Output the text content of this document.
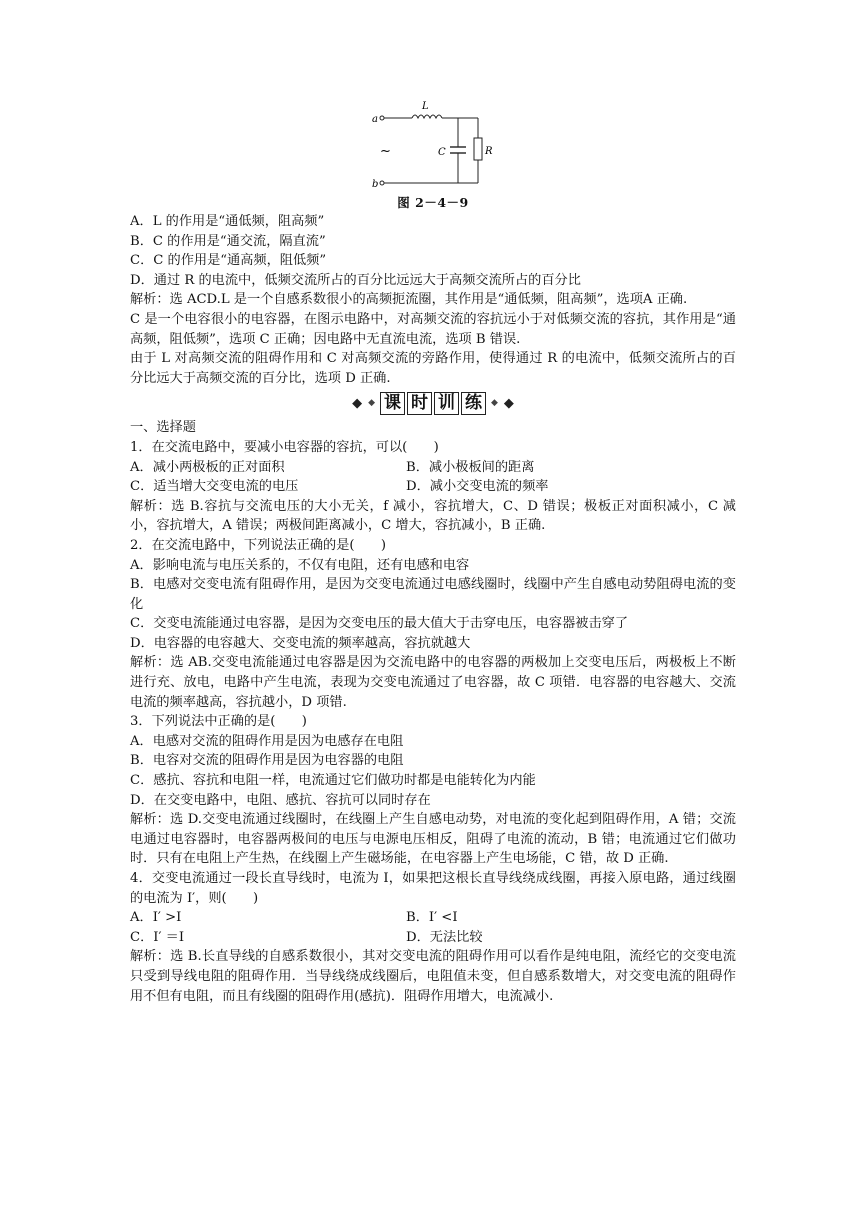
a
b
L
C	R
~
图 2－4－9
A．L 的作用是“通低频，阻高频”
B．C 的作用是“通交流，隔直流”
C．C 的作用是“通高频，阻低频”
D．通过 R 的电流中，低频交流所占的百分比远远大于高频交流所占的百分比
解析：选 ACD.L 是一个自感系数很小的高频扼流圈，其作用是“通低频，阻高频”，选项A 正确.
C 是一个电容很小的电容器，在图示电路中，对高频交流的容抗远小于对低频交流的容抗，其作用是“通高频，阻低频”，选项 C 正确；因电路中无直流电流，选项 B 错误.
由于 L 对高频交流的阻碍作用和 C 对高频交流的旁路作用，使得通过 R 的电流中，低频交流所占的百分比远大于高频交流的百分比，选项 D 正确.
◆ ◆ 课 时 训 练	◆ ◆
一、选择题
1．在交流电路中，要减小电容器的容抗，可以(　　)
A．减小两极板的正对面积	B．减小极板间的距离
C．适当增大交变电流的电压	D．减小交变电流的频率
解析：选 B.容抗与交流电压的大小无关，f 减小，容抗增大，C、D 错误；极板正对面积减小，C 减小，容抗增大，A 错误；两极间距离减小，C 增大，容抗减小，B 正确.
2．在交流电路中，下列说法正确的是(　　)
A．影响电流与电压关系的，不仅有电阻，还有电感和电容
B．电感对交变电流有阻碍作用，是因为交变电流通过电感线圈时，线圈中产生自感电动势阻碍电流的变化
C．交变电流能通过电容器，是因为交变电压的最大值大于击穿电压，电容器被击穿了
D．电容器的电容越大、交变电流的频率越高，容抗就越大
解析：选 AB.交变电流能通过电容器是因为交流电路中的电容器的两极加上交变电压后，两极板上不断进行充、放电，电路中产生电流，表现为交变电流通过了电容器，故 C 项错．电容器的电容越大、交流电流的频率越高，容抗越小，D 项错.
3．下列说法中正确的是(　　)
A．电感对交流的阻碍作用是因为电感存在电阻
B．电容对交流的阻碍作用是因为电容器的电阻
C．感抗、容抗和电阻一样，电流通过它们做功时都是电能转化为内能
D．在交变电路中，电阻、感抗、容抗可以同时存在
解析：选 D.交变电流通过线圈时，在线圈上产生自感电动势，对电流的变化起到阻碍作用，A 错；交流电通过电容器时，电容器两极间的电压与电源电压相反，阻碍了电流的流动，B 错；电流通过它们做功时．只有在电阻上产生热，在线圈上产生磁场能，在电容器上产生电场能，C 错，故 D 正确.
4．交变电流通过一段长直导线时，电流为 I，如果把这根长直导线绕成线圈，再接入原电路，通过线圈的电流为 I′，则(　　)
A．I′ >I	B．I′ <I
C．I′ ＝I	D．无法比较
解析：选 B.长直导线的自感系数很小，其对交变电流的阻碍作用可以看作是纯电阻，流经它的交变电流只受到导线电阻的阻碍作用．当导线绕成线圈后，电阻值未变，但自感系数增大，对交变电流的阻碍作用不但有电阻，而且有线圈的阻碍作用(感抗)．阻碍作用增大，电流减小.
